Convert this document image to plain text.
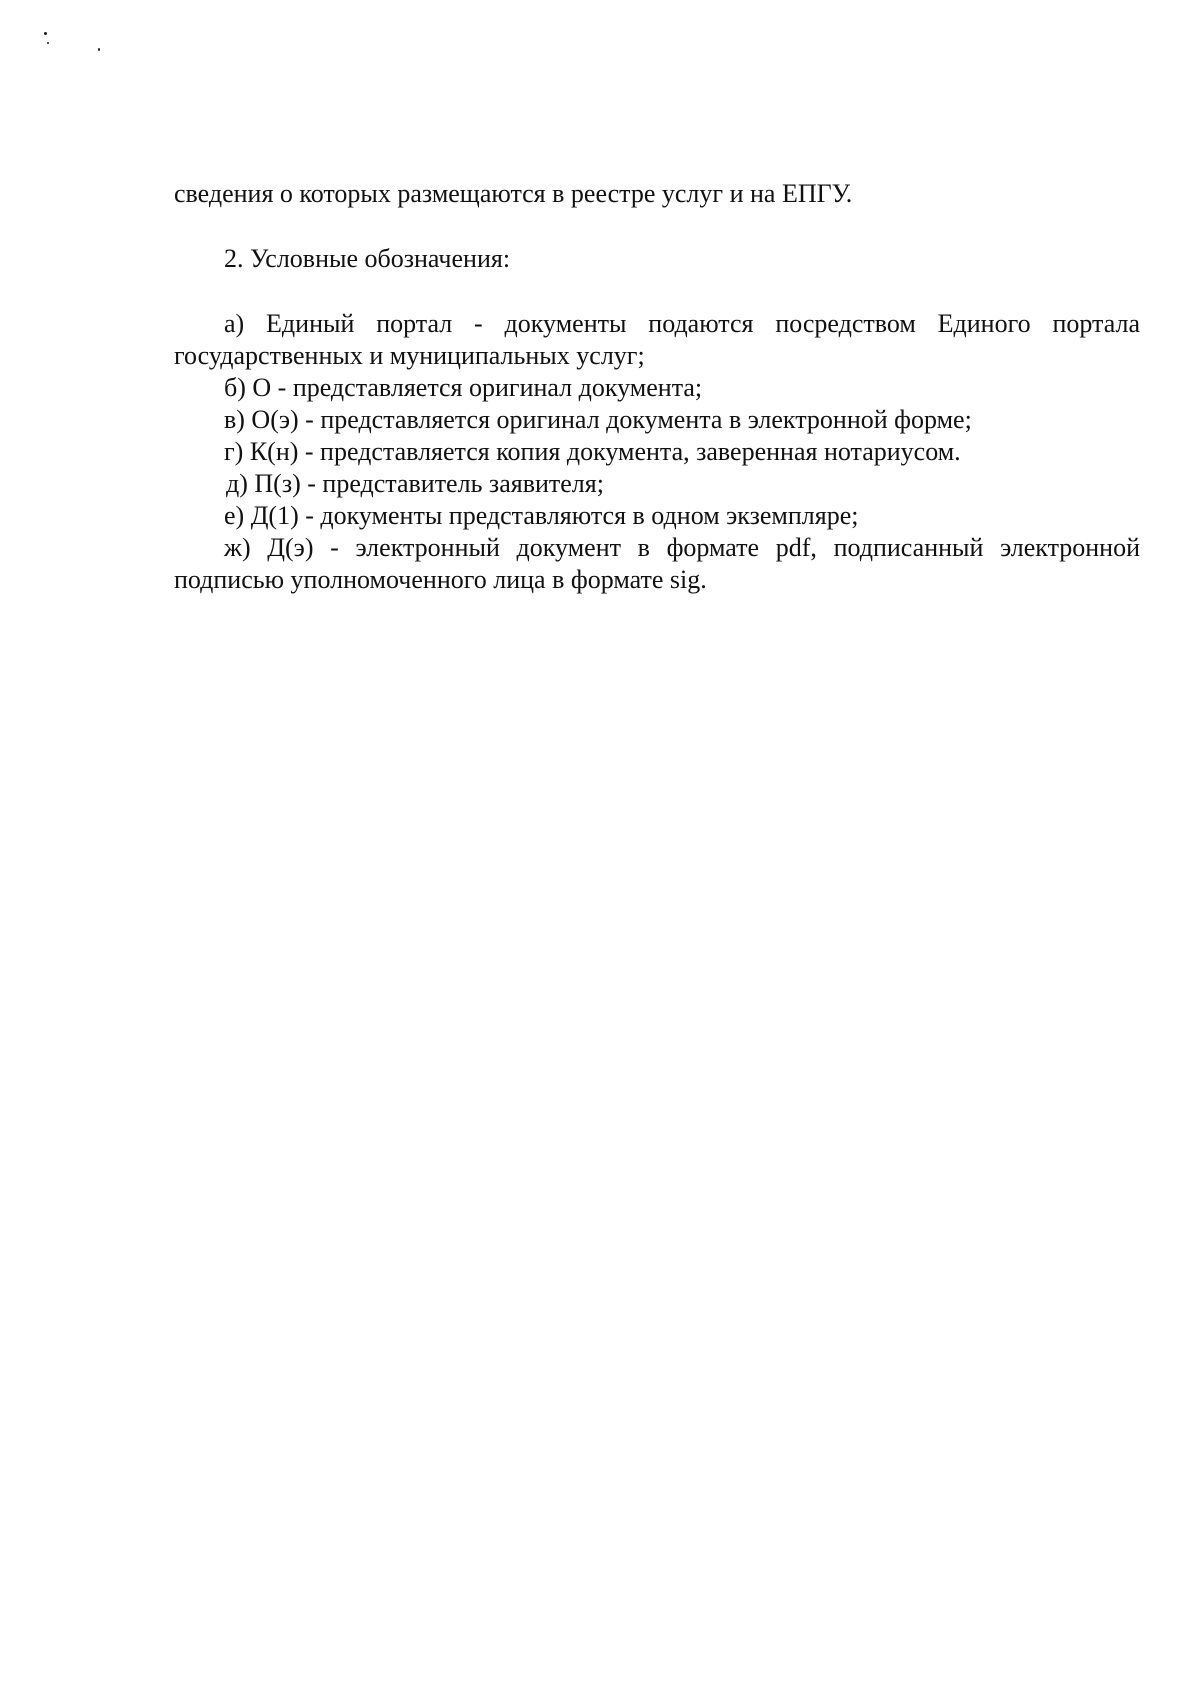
сведения о которых размещаются в реестре услуг и на ЕПГУ.

2. Условные обозначения:

а) Единый портал - документы подаются посредством Единого портала государственных и муниципальных услуг;

б) О - представляется оригинал документа;

в) О(э) - представляется оригинал документа в электронной форме;

г) К(н) - представляется копия документа, заверенная нотариусом.

д) П(з) - представитель заявителя;

е) Д(1) - документы представляются в одном экземпляре;

ж) Д(э) - электронный документ в формате pdf, подписанный электронной подписью уполномоченного лица в формате sig.
